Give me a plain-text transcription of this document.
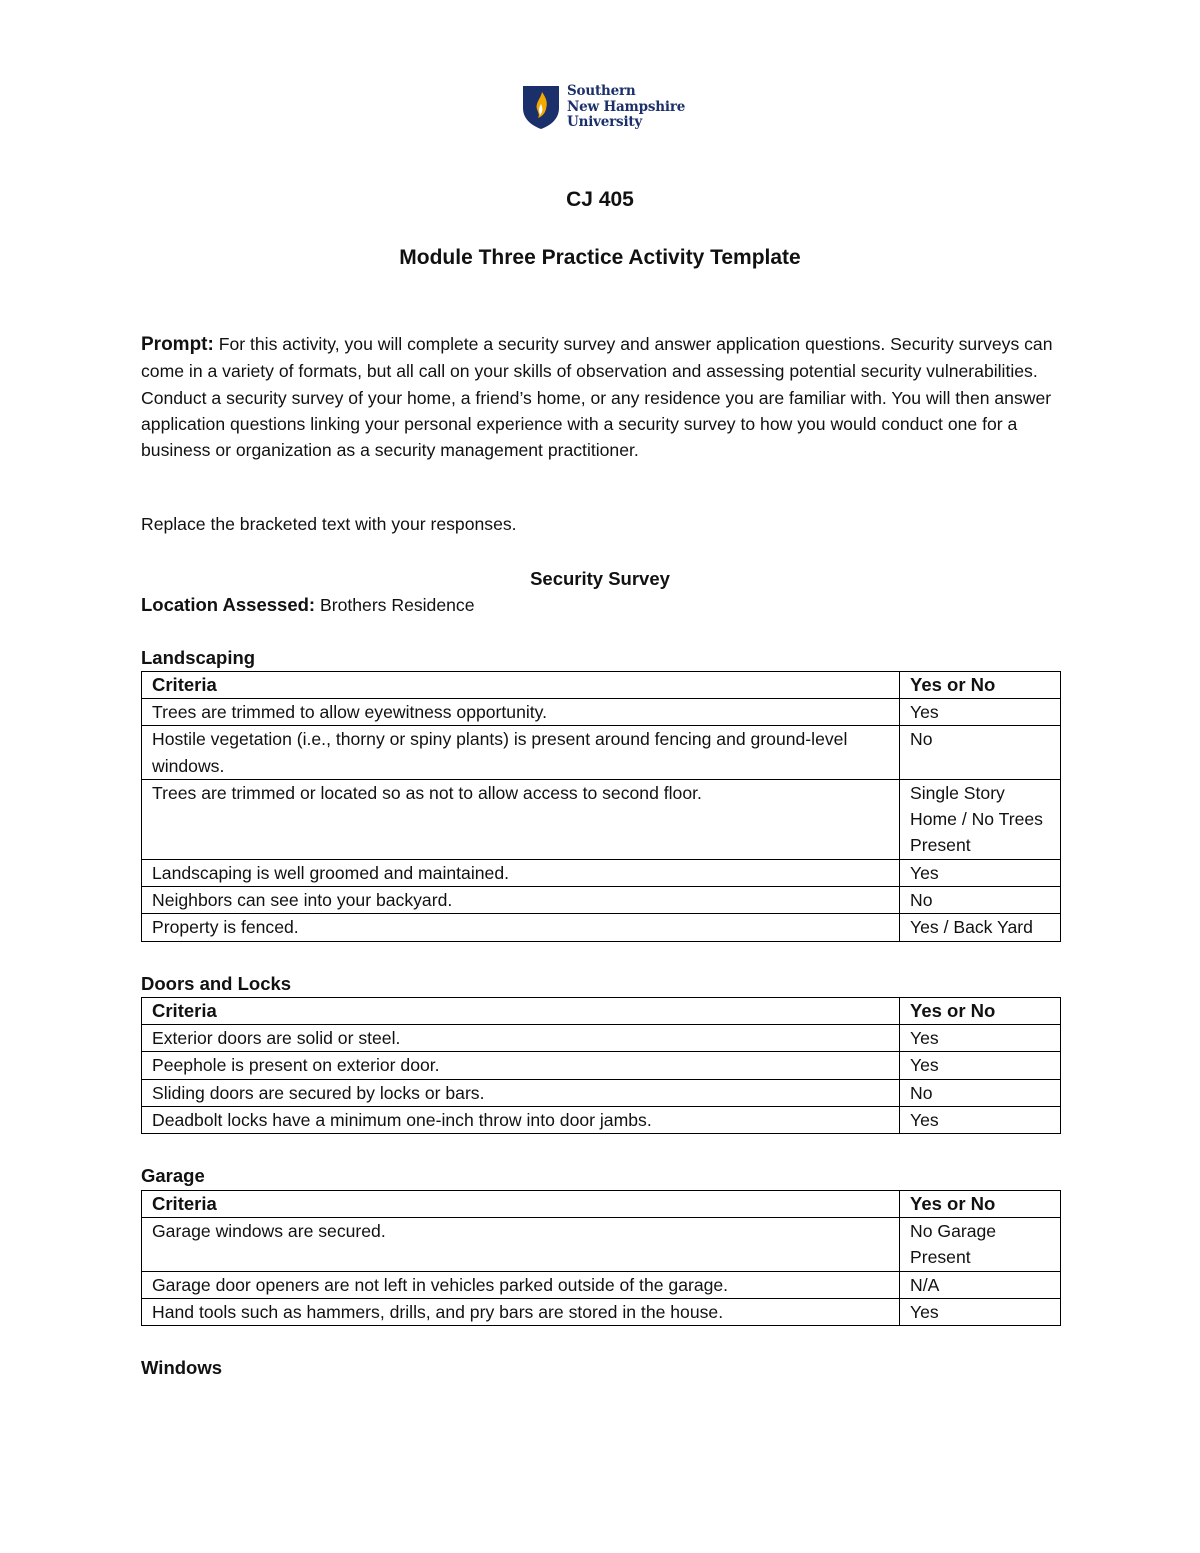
Southern
New Hampshire
University
CJ 405
Module Three Practice Activity Template
Prompt: For this activity, you will complete a security survey and answer application questions. Security surveys can come in a variety of formats, but all call on your skills of observation and assessing potential security vulnerabilities. Conduct a security survey of your home, a friend’s home, or any residence you are familiar with. You will then answer application questions linking your personal experience with a security survey to how you would conduct one for a business or organization as a security management practitioner.
Replace the bracketed text with your responses.
Security Survey
Location Assessed: Brothers Residence
Landscaping
Criteria	Yes or No
Trees are trimmed to allow eyewitness opportunity.	Yes
Hostile vegetation (i.e., thorny or spiny plants) is present around fencing and ground-level windows.	No
Trees are trimmed or located so as not to allow access to second floor.	Single Story Home / No Trees Present
Landscaping is well groomed and maintained.	Yes
Neighbors can see into your backyard.	No
Property is fenced.	Yes / Back Yard
Doors and Locks
Criteria	Yes or No
Exterior doors are solid or steel.	Yes
Peephole is present on exterior door.	Yes
Sliding doors are secured by locks or bars.	No
Deadbolt locks have a minimum one-inch throw into door jambs.	Yes
Garage
Criteria	Yes or No
Garage windows are secured.	No Garage Present
Garage door openers are not left in vehicles parked outside of the garage.	N/A
Hand tools such as hammers, drills, and pry bars are stored in the house.	Yes
Windows
